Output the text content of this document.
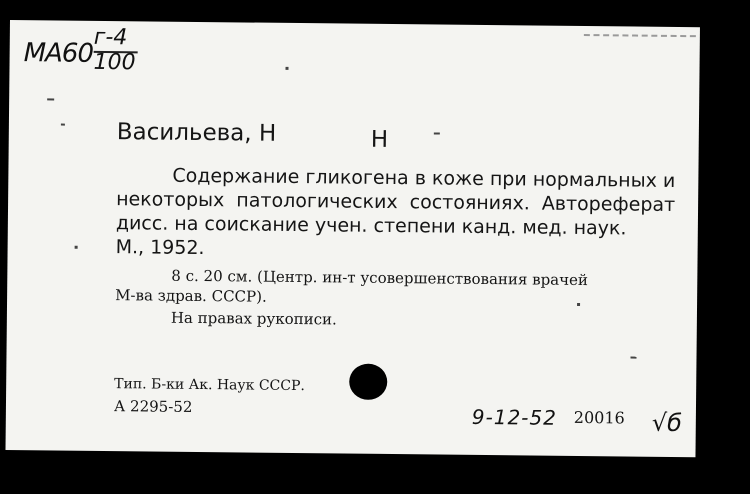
МА60
г-4
100
Васильева, Н	Н
Содержание гликогена в коже при нормальных и
некоторых патологических состояниях. Автореферат
дисс. на соискание учен. степени канд. мед. наук.
М., 1952.
8 с. 20 см. (Центр. ин-т усовершенствования врачей
М-ва здрав. СССР).
На правах рукописи.
Тип. Б-ки Ак. Наук СССР.
А 2295-52	9-12-52 20016 √б
